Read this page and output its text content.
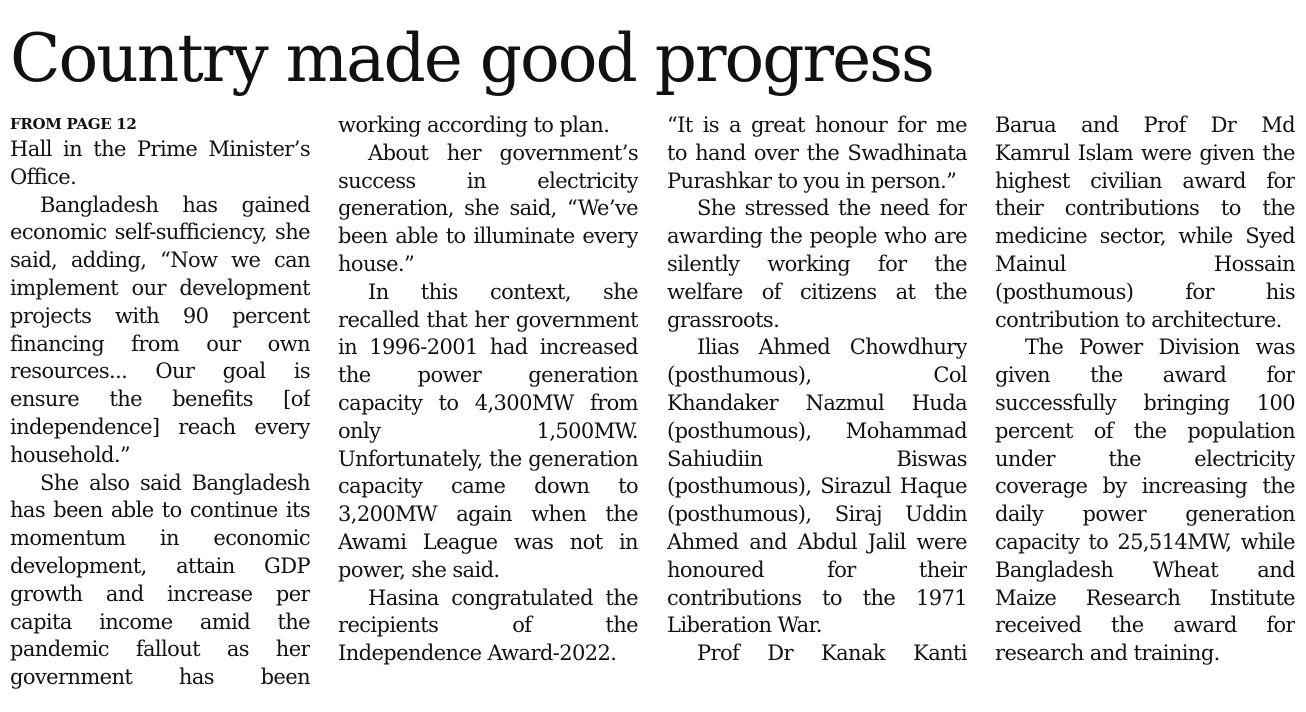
Country made good progress
FROM PAGE 12

Hall in the Prime Minister’s Office.

Bangladesh has gained economic self-sufficiency, she said, adding, “Now we can implement our development projects with 90 percent financing from our own resources... Our goal is ensure the benefits [of independence] reach every household.”

She also said Bangladesh has been able to continue its momentum in economic development, attain GDP growth and increase per capita income amid the pandemic fallout as her government has been

working according to plan.

About her government’s success in electricity generation, she said, “We’ve been able to illuminate every house.”

In this context, she recalled that her government in 1996-2001 had increased the power generation capacity to 4,300MW from only 1,500MW. Unfortunately, the generation capacity came down to 3,200MW again when the Awami League was not in power, she said.

Hasina congratulated the recipients of the Independence Award-2022.

“It is a great honour for me to hand over the Swadhinata Purashkar to you in person.”

She stressed the need for awarding the people who are silently working for the welfare of citizens at the grassroots.

Ilias Ahmed Chowdhury (posthumous), Col Khandaker Nazmul Huda (posthumous), Mohammad Sahiudiin Biswas (posthumous), Sirazul Haque (posthumous), Siraj Uddin Ahmed and Abdul Jalil were honoured for their contributions to the 1971 Liberation War.

Prof Dr Kanak Kanti

Barua and Prof Dr Md Kamrul Islam were given the highest civilian award for their contributions to the medicine sector, while Syed Mainul Hossain (posthumous) for his contribution to architecture.

The Power Division was given the award for successfully bringing 100 percent of the population under the electricity coverage by increasing the daily power generation capacity to 25,514MW, while Bangladesh Wheat and Maize Research Institute received the award for research and training.
